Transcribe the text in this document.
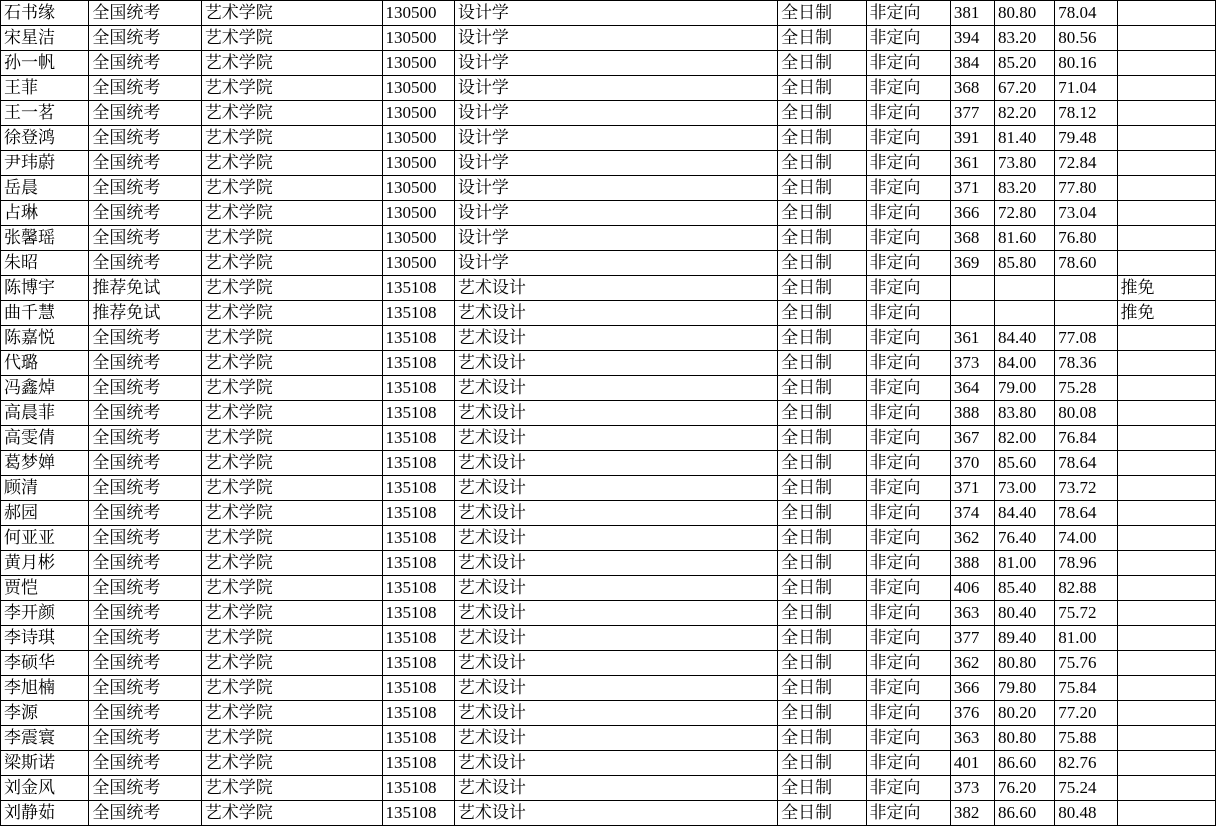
石书缘	全国统考	艺术学院	130500	设计学	全日制	非定向	381	80.80	78.04	
宋星洁	全国统考	艺术学院	130500	设计学	全日制	非定向	394	83.20	80.56	
孙一帆	全国统考	艺术学院	130500	设计学	全日制	非定向	384	85.20	80.16	
王菲	全国统考	艺术学院	130500	设计学	全日制	非定向	368	67.20	71.04	
王一茗	全国统考	艺术学院	130500	设计学	全日制	非定向	377	82.20	78.12	
徐登鸿	全国统考	艺术学院	130500	设计学	全日制	非定向	391	81.40	79.48	
尹玮蔚	全国统考	艺术学院	130500	设计学	全日制	非定向	361	73.80	72.84	
岳晨	全国统考	艺术学院	130500	设计学	全日制	非定向	371	83.20	77.80	
占琳	全国统考	艺术学院	130500	设计学	全日制	非定向	366	72.80	73.04	
张馨瑶	全国统考	艺术学院	130500	设计学	全日制	非定向	368	81.60	76.80	
朱昭	全国统考	艺术学院	130500	设计学	全日制	非定向	369	85.80	78.60	
陈博宇	推荐免试	艺术学院	135108	艺术设计	全日制	非定向				推免
曲千慧	推荐免试	艺术学院	135108	艺术设计	全日制	非定向				推免
陈嘉悦	全国统考	艺术学院	135108	艺术设计	全日制	非定向	361	84.40	77.08	
代璐	全国统考	艺术学院	135108	艺术设计	全日制	非定向	373	84.00	78.36	
冯鑫焯	全国统考	艺术学院	135108	艺术设计	全日制	非定向	364	79.00	75.28	
高晨菲	全国统考	艺术学院	135108	艺术设计	全日制	非定向	388	83.80	80.08	
高雯倩	全国统考	艺术学院	135108	艺术设计	全日制	非定向	367	82.00	76.84	
葛梦婵	全国统考	艺术学院	135108	艺术设计	全日制	非定向	370	85.60	78.64	
顾清	全国统考	艺术学院	135108	艺术设计	全日制	非定向	371	73.00	73.72	
郝园	全国统考	艺术学院	135108	艺术设计	全日制	非定向	374	84.40	78.64	
何亚亚	全国统考	艺术学院	135108	艺术设计	全日制	非定向	362	76.40	74.00	
黄月彬	全国统考	艺术学院	135108	艺术设计	全日制	非定向	388	81.00	78.96	
贾恺	全国统考	艺术学院	135108	艺术设计	全日制	非定向	406	85.40	82.88	
李开颜	全国统考	艺术学院	135108	艺术设计	全日制	非定向	363	80.40	75.72	
李诗琪	全国统考	艺术学院	135108	艺术设计	全日制	非定向	377	89.40	81.00	
李硕华	全国统考	艺术学院	135108	艺术设计	全日制	非定向	362	80.80	75.76	
李旭楠	全国统考	艺术学院	135108	艺术设计	全日制	非定向	366	79.80	75.84	
李源	全国统考	艺术学院	135108	艺术设计	全日制	非定向	376	80.20	77.20	
李震寰	全国统考	艺术学院	135108	艺术设计	全日制	非定向	363	80.80	75.88	
梁斯诺	全国统考	艺术学院	135108	艺术设计	全日制	非定向	401	86.60	82.76	
刘金风	全国统考	艺术学院	135108	艺术设计	全日制	非定向	373	76.20	75.24	
刘静茹	全国统考	艺术学院	135108	艺术设计	全日制	非定向	382	86.60	80.48	
